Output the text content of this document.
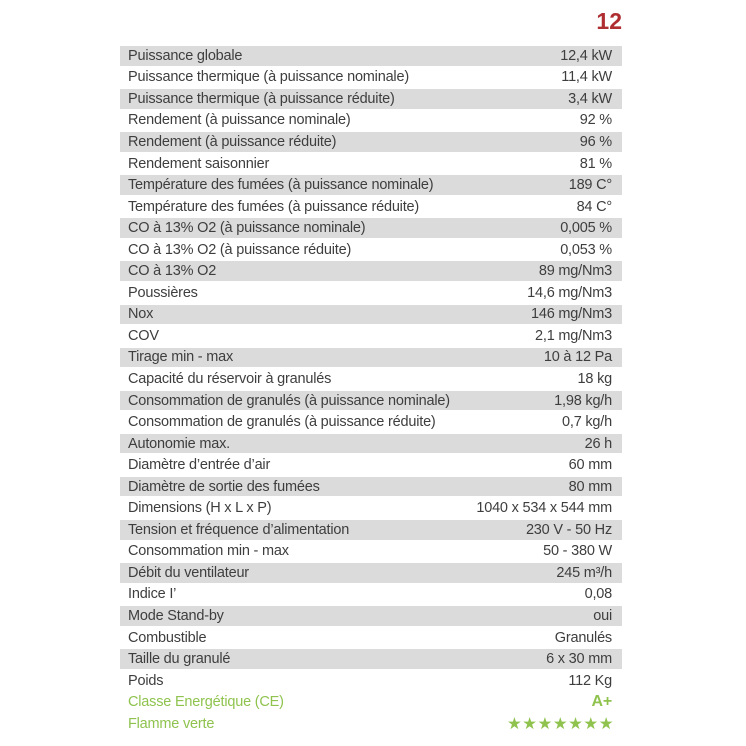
12
Puissance globale	12,4 kW
Puissance thermique (à puissance nominale)	11,4 kW
Puissance thermique (à puissance réduite)	3,4 kW
Rendement (à puissance nominale)	92 %
Rendement (à puissance réduite)	96 %
Rendement saisonnier	81 %
Température des fumées (à puissance nominale)	189 C°
Température des fumées (à puissance réduite)	84 C°
CO à 13% O2 (à puissance nominale)	0,005 %
CO à 13% O2 (à puissance réduite)	0,053 %
CO à 13% O2	89 mg/Nm3
Poussières	14,6 mg/Nm3
Nox	146 mg/Nm3
COV	2,1 mg/Nm3
Tirage min - max	10 à 12 Pa
Capacité du réservoir à granulés	18 kg
Consommation de granulés (à puissance nominale)	1,98 kg/h
Consommation de granulés (à puissance réduite)	0,7 kg/h
Autonomie max.	26 h
Diamètre d’entrée d’air	60 mm
Diamètre de sortie des fumées	80 mm
Dimensions (H x L x P)	1040 x 534 x 544 mm
Tension et fréquence d’alimentation	230 V - 50 Hz
Consommation min - max	50 - 380 W
Débit du ventilateur	245 m³/h
Indice I’	0,08
Mode Stand-by	oui
Combustible	Granulés
Taille du granulé	6 x 30 mm
Poids	112 Kg
Classe Energétique (CE)	A+
Flamme verte	★★★★★★★
